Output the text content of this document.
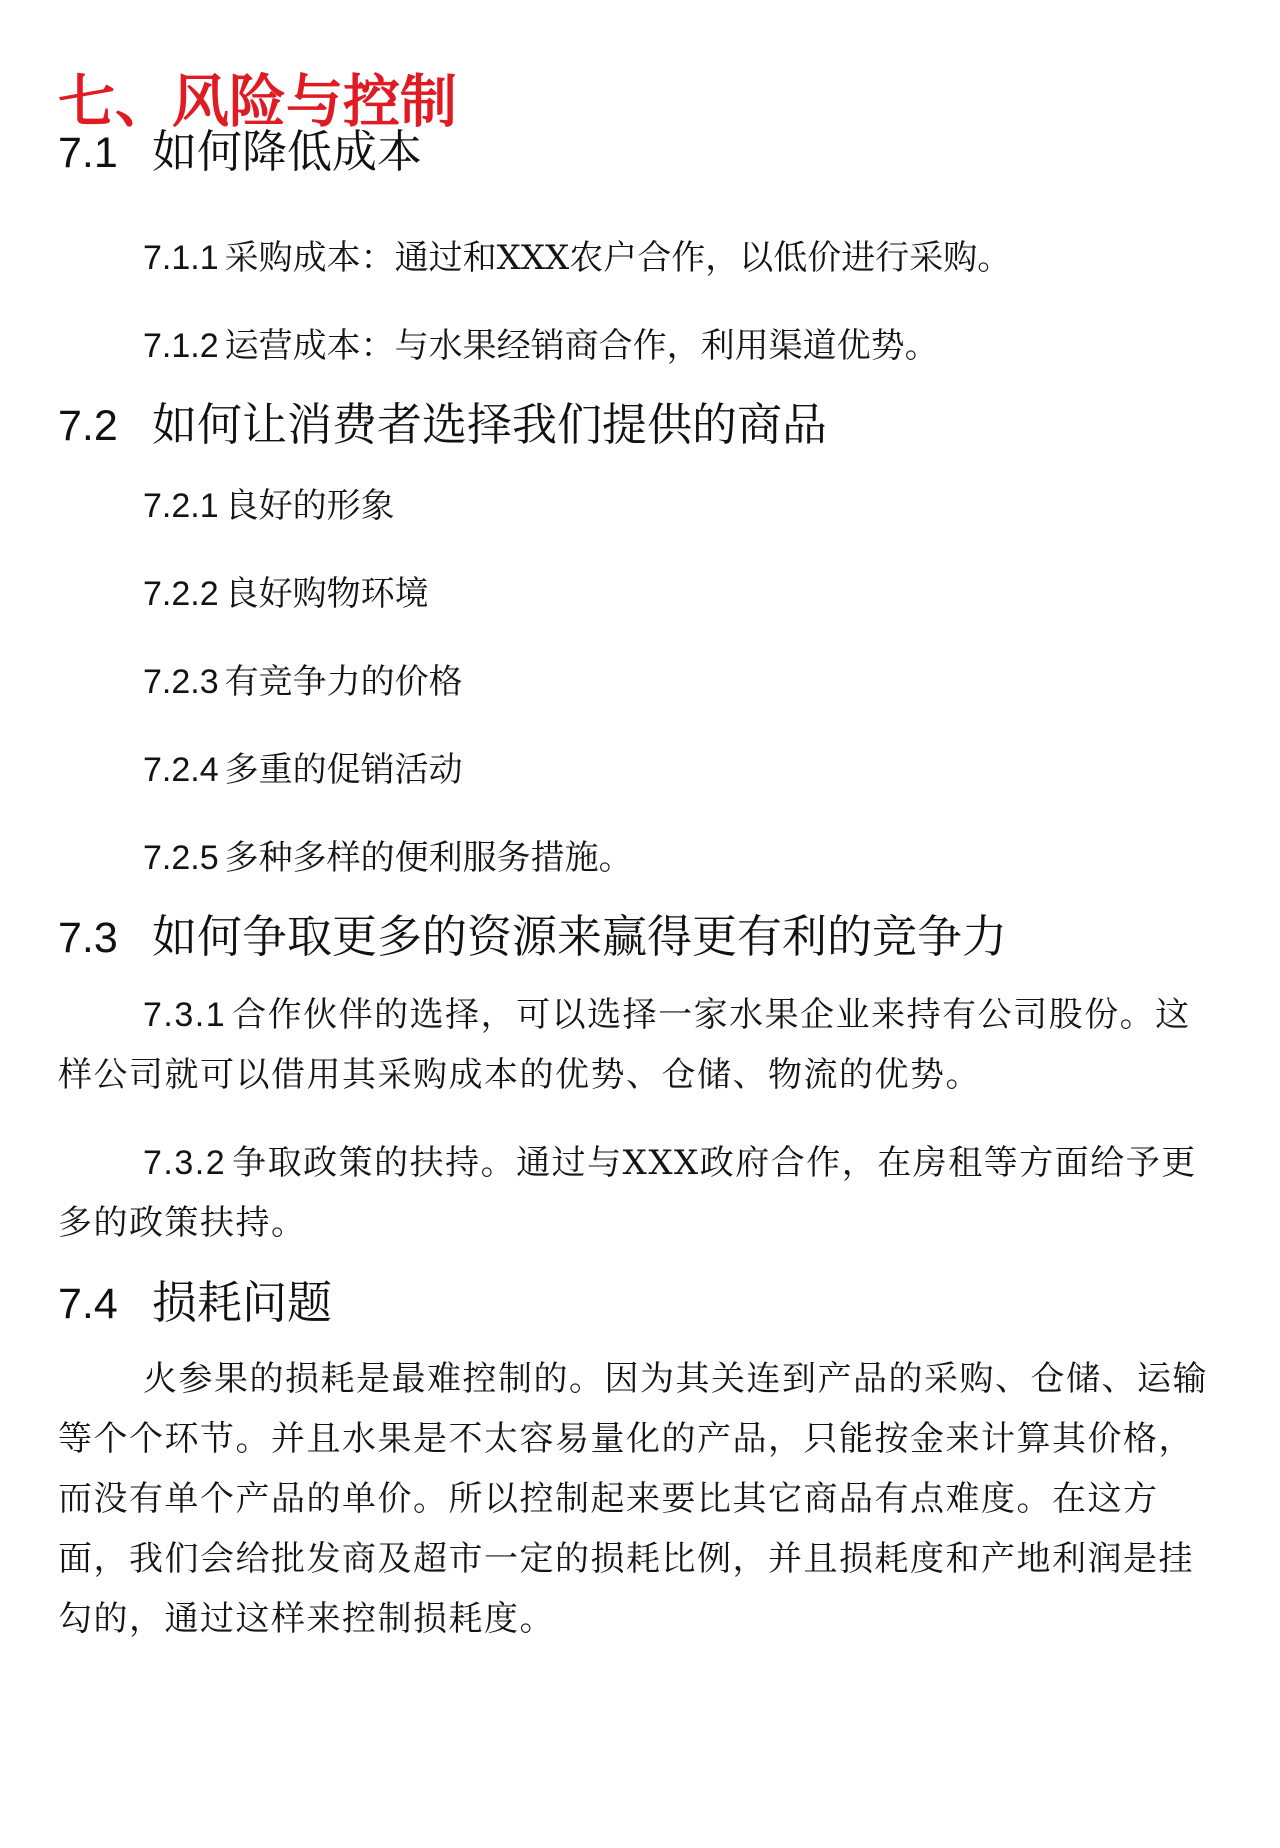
七、风险与控制
7.1 如何降低成本

7.1.1 采购成本：通过和XXX农户合作，以低价进行采购。

7.1.2 运营成本：与水果经销商合作，利用渠道优势。

7.2 如何让消费者选择我们提供的商品

7.2.1 良好的形象

7.2.2 良好购物环境

7.2.3 有竞争力的价格

7.2.4 多重的促销活动

7.2.5 多种多样的便利服务措施。

7.3 如何争取更多的资源来赢得更有利的竞争力

7.3.1 合作伙伴的选择，可以选择一家水果企业来持有公司股份。这样公司就可以借用其采购成本的优势、仓储、物流的优势。

7.3.2 争取政策的扶持。通过与XXX政府合作，在房租等方面给予更多的政策扶持。

7.4 损耗问题

火参果的损耗是最难控制的。因为其关连到产品的采购、仓储、运输等个个环节。并且水果是不太容易量化的产品，只能按金来计算其价格，而没有单个产品的单价。所以控制起来要比其它商品有点难度。在这方面，我们会给批发商及超市一定的损耗比例，并且损耗度和产地利润是挂勾的，通过这样来控制损耗度。
